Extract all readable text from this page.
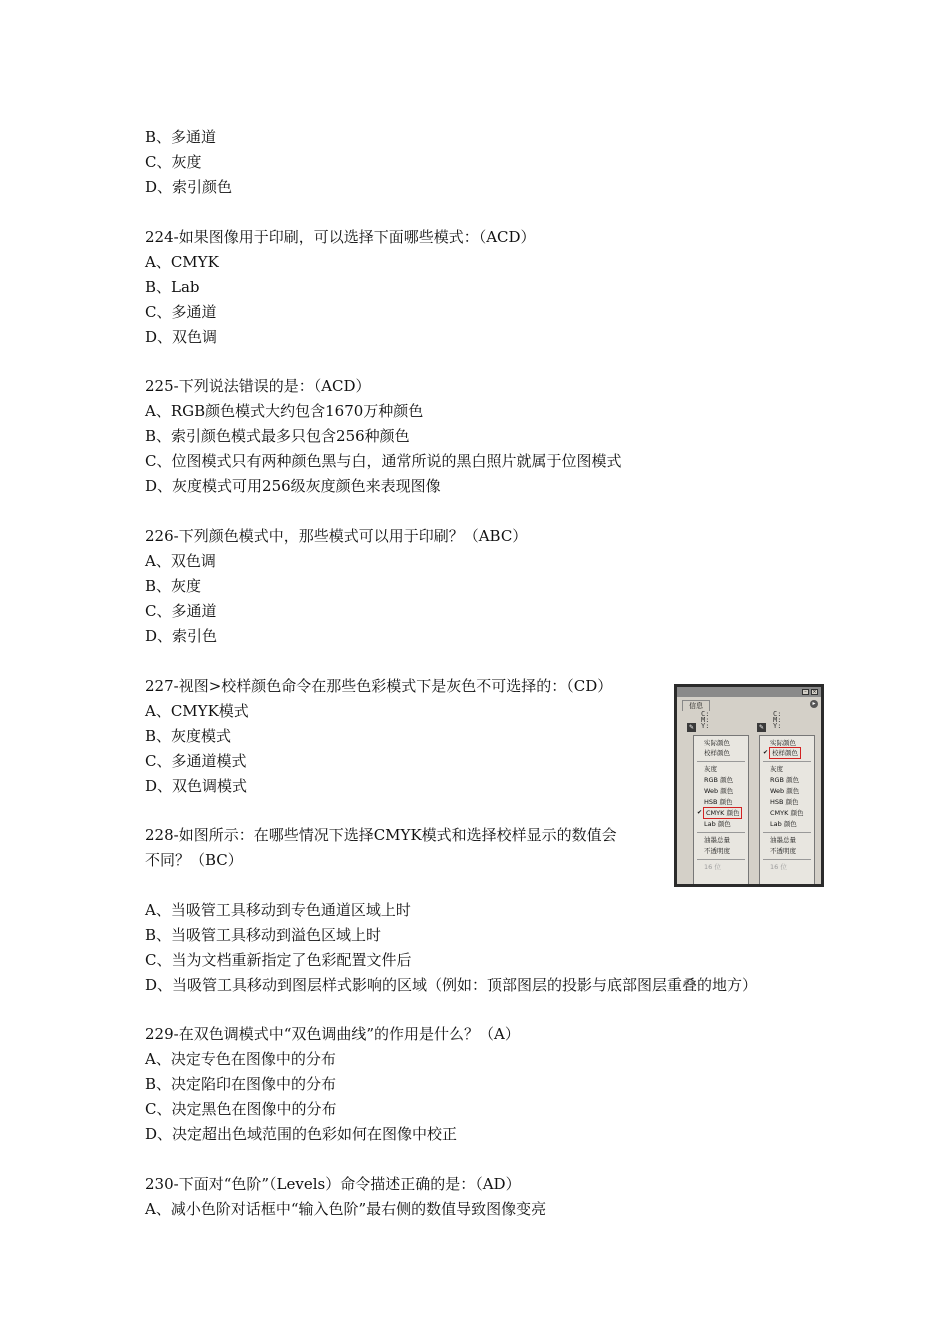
B、多通道
C、灰度
D、索引颜色
224-如果图像用于印刷，可以选择下面哪些模式：（ACD）
A、CMYK
B、Lab
C、多通道
D、双色调
225-下列说法错误的是：（ACD）
A、RGB颜色模式大约包含1670万种颜色
B、索引颜色模式最多只包含256种颜色
C、位图模式只有两种颜色黑与白，通常所说的黑白照片就属于位图模式
D、灰度模式可用256级灰度颜色来表现图像
226-下列颜色模式中，那些模式可以用于印刷？（ABC）
A、双色调
B、灰度
C、多通道
D、索引色
227-视图>校样颜色命令在那些色彩模式下是灰色不可选择的：（CD）
A、CMYK模式
B、灰度模式
C、多通道模式
D、双色调模式
228-如图所示：在哪些情况下选择CMYK模式和选择校样显示的数值会
不同？（BC）
A、当吸管工具移动到专色通道区域上时
B、当吸管工具移动到溢色区域上时
C、当为文档重新指定了色彩配置文件后
D、当吸管工具移动到图层样式影响的区域（例如：顶部图层的投影与底部图层重叠的地方）
229-在双色调模式中“双色调曲线”的作用是什么？（A）
A、决定专色在图像中的分布
B、决定陷印在图像中的分布
C、决定黑色在图像中的分布
D、决定超出色域范围的色彩如何在图像中校正
230-下面对“色阶”（Levels）命令描述正确的是：（AD）
A、减小色阶对话框中“输入色阶”最右侧的数值导致图像变亮
–	×
信息	▸
C:
M:
Y:
C:
M:
Y:
✎	✎
实际颜色
校样颜色
灰度
RGB 颜色
Web 颜色
HSB 颜色
✔ CMYK 颜色
Lab 颜色
油墨总量
不透明度
16 位
实际颜色
✔ 校样颜色
灰度
RGB 颜色
Web 颜色
HSB 颜色
CMYK 颜色
Lab 颜色
油墨总量
不透明度
16 位
